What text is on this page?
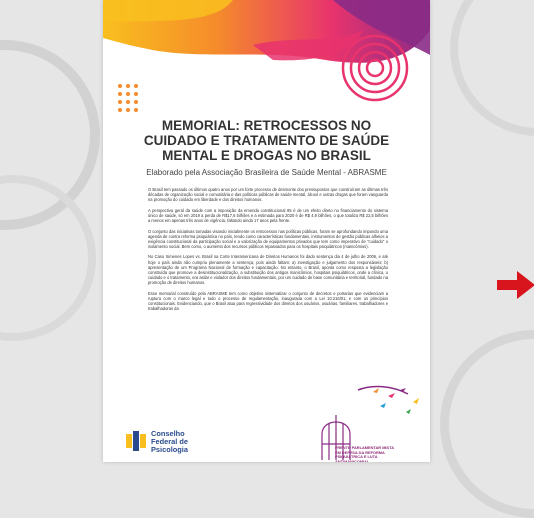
MEMORIAL: RETROCESSOS NO
CUIDADO E TRATAMENTO DE SAÚDE
MENTAL E DROGAS NO BRASIL

Elaborado pela Associação Brasileira de Saúde Mental - ABRASME

O Brasil tem passado os últimos quatro anos por um forte processo de desmonte dos pressupostos que construíram as últimas três décadas de organização social e comunitária e das políticas públicas de saúde mental, álcool e outras drogas que foram vanguarda na promoção do cuidado em liberdade e dos direitos humanos.

A perspectiva geral da saúde com a imposição da emenda constitucional 95 é de um efeito direto no financiamento do sistema único de saúde, só em 2019 a perda de R$17,6 bilhões e a estimada para 2020 é de R$ 4,9 bilhões, o que totaliza R$ 22,5 bilhões a menos em apenas três anos de vigência, faltando ainda 17 anos pela frente.

O conjunto das iniciativas tomadas visando inicialmente os retrocessos nas políticas públicas, foram se aprofundando impondo uma agenda de contra reforma psiquiátrica no país, tendo como características fundamentais, instrumentos de gestão públicas alheios a exigência constitucional da participação social e a valorização de equipamentos privados que tem como imperativo de "cuidado" o isolamento social. Bem como, o aumento dos recursos públicos repassados para os hospitais psiquiátricos (manicômios).

No Caso Ximenes Lopes vs. Brasil na Corte Interamericana de Direitos Humanos foi dado sentença dia 4 de julho de 2006, e até hoje o país ainda não cumpriu plenamente a sentença, pois ainda faltam: a) investigação e julgamento dos responsáveis; b) apresentação de um Programa Nacional de formação e capacitação. No entanto, o Brasil, aponta como resposta a legislação construída que promove a desinstitucionalização, a substituição dos antigos manicômios, hospitais psiquiátricos, onde a clínica, o cuidado e o tratamento, era asilar e violador dos direitos fundamentais, por um cuidado de base comunitária e territorial, fundado na promoção de direitos humanos.

Esse memorial construído pela ABRASME tem como objetivo sistematizar o conjunto de decretos e portarias que evidenciam a ruptura com o marco legal e todo o processo de regulamentação, inaugurada com a Lei 10.216/01, e com os princípios constitucionais. Evidenciando, que o Brasil atua para regressividade dos direitos dos usuários, usuárias, familiares, trabalhadores e trabalhadoras da

Conselho
Federal de
Psicologia	FRENTE PARLAMENTAR MISTA
EM DEFESA DA REFORMA
PSIQUIÁTRICA E LUTA
ANTIMANICOMIAL
